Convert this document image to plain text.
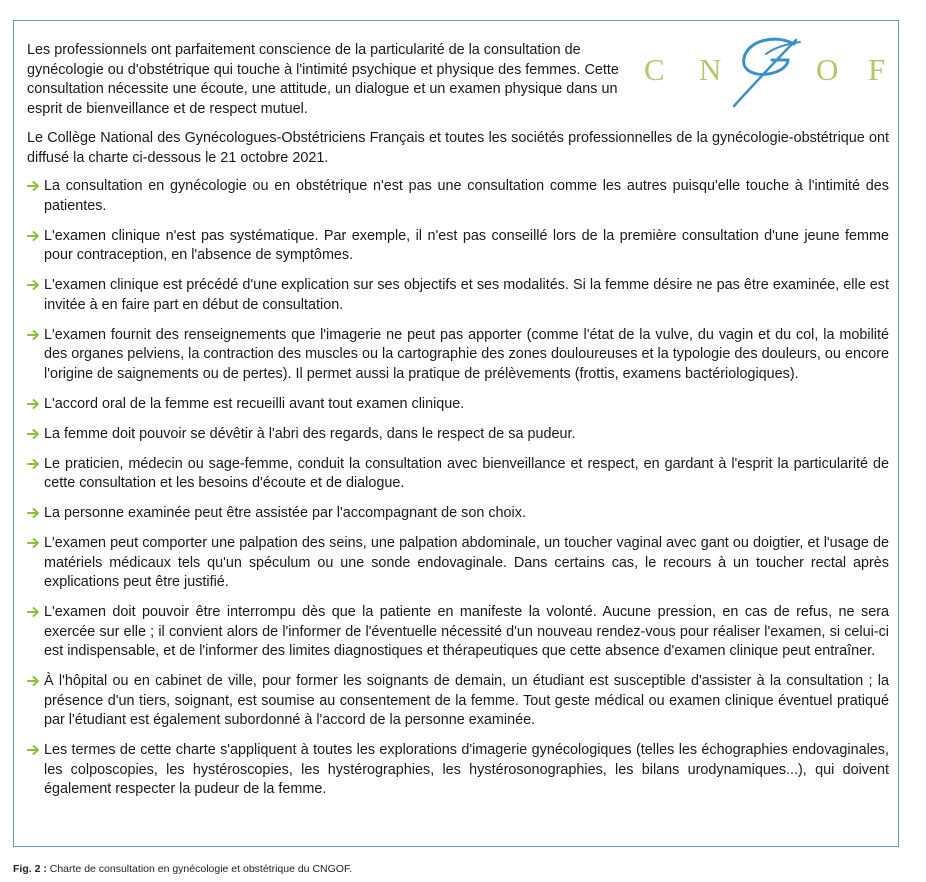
Les professionnels ont parfaitement conscience de la particularité de la consultation de gynécologie ou d'obstétrique qui touche à l'intimité psychique et physique des femmes. Cette consultation nécessite une écoute, une attitude, un dialogue et un examen physique dans un esprit de bienveillance et de respect mutuel.

C N	O F

Le Collège National des Gynécologues-Obstétriciens Français et toutes les sociétés professionnelles de la gynécologie-obstétrique ont diffusé la charte ci-dessous le 21 octobre 2021.

La consultation en gynécologie ou en obstétrique n'est pas une consultation comme les autres puisqu'elle touche à l'intimité des patientes.
L'examen clinique n'est pas systématique. Par exemple, il n'est pas conseillé lors de la première consultation d'une jeune femme pour contraception, en l'absence de symptômes.
L'examen clinique est précédé d'une explication sur ses objectifs et ses modalités. Si la femme désire ne pas être examinée, elle est invitée à en faire part en début de consultation.
L'examen fournit des renseignements que l'imagerie ne peut pas apporter (comme l'état de la vulve, du vagin et du col, la mobilité des organes pelviens, la contraction des muscles ou la cartographie des zones douloureuses et la typologie des douleurs, ou encore l'origine de saignements ou de pertes). Il permet aussi la pratique de prélèvements (frottis, examens bactériologiques).
L'accord oral de la femme est recueilli avant tout examen clinique.
La femme doit pouvoir se dévêtir à l'abri des regards, dans le respect de sa pudeur.
Le praticien, médecin ou sage-femme, conduit la consultation avec bienveillance et respect, en gardant à l'esprit la particularité de cette consultation et les besoins d'écoute et de dialogue.
La personne examinée peut être assistée par l'accompagnant de son choix.
L'examen peut comporter une palpation des seins, une palpation abdominale, un toucher vaginal avec gant ou doigtier, et l'usage de matériels médicaux tels qu'un spéculum ou une sonde endovaginale. Dans certains cas, le recours à un toucher rectal après explications peut être justifié.
L'examen doit pouvoir être interrompu dès que la patiente en manifeste la volonté. Aucune pression, en cas de refus, ne sera exercée sur elle ; il convient alors de l'informer de l'éventuelle nécessité d'un nouveau rendez-vous pour réaliser l'examen, si celui-ci est indispensable, et de l'informer des limites diagnostiques et thérapeutiques que cette absence d'examen clinique peut entraîner.
À l'hôpital ou en cabinet de ville, pour former les soignants de demain, un étudiant est susceptible d'assister à la consultation ; la présence d'un tiers, soignant, est soumise au consentement de la femme. Tout geste médical ou examen clinique éventuel pratiqué par l'étudiant est également subordonné à l'accord de la personne examinée.
Les termes de cette charte s'appliquent à toutes les explorations d'imagerie gynécologiques (telles les échographies endovaginales, les colposcopies, les hystéroscopies, les hystérographies, les hystérosonographies, les bilans urodynamiques...), qui doivent également respecter la pudeur de la femme.
Fig. 2 : Charte de consultation en gynécologie et obstétrique du CNGOF.
